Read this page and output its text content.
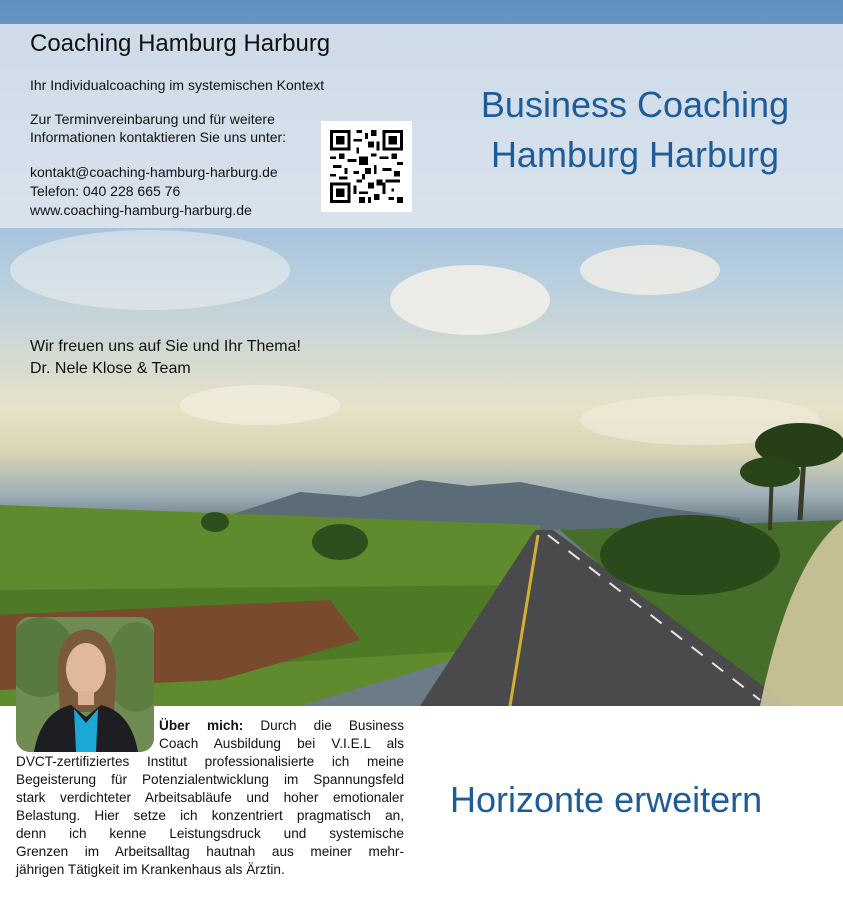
Coaching Hamburg Harburg
Ihr Individualcoaching im systemischen Kontext
Zur Terminvereinbarung und für weitere
Informationen kontaktieren Sie uns unter:
kontakt@coaching-hamburg-harburg.de
Telefon: 040 228 665 76
www.coaching-hamburg-harburg.de
Business Coaching
Hamburg Harburg
Wir freuen uns auf Sie und Ihr Thema!
Dr. Nele Klose & Team
Über mich: Durch die Business
Coach Ausbildung bei V.I.E.L als
DVCT-zertifiziertes Institut professionalisierte ich meine
Begeisterung für Potenzialentwicklung im Spannungsfeld
stark verdichteter Arbeitsabläufe und hoher emotionaler
Belastung. Hier setze ich konzentriert pragmatisch an,
denn ich kenne Leistungsdruck und systemische
Grenzen im Arbeitsalltag hautnah aus meiner mehr-
jährigen Tätigkeit im Krankenhaus als Ärztin.
Horizonte erweitern
